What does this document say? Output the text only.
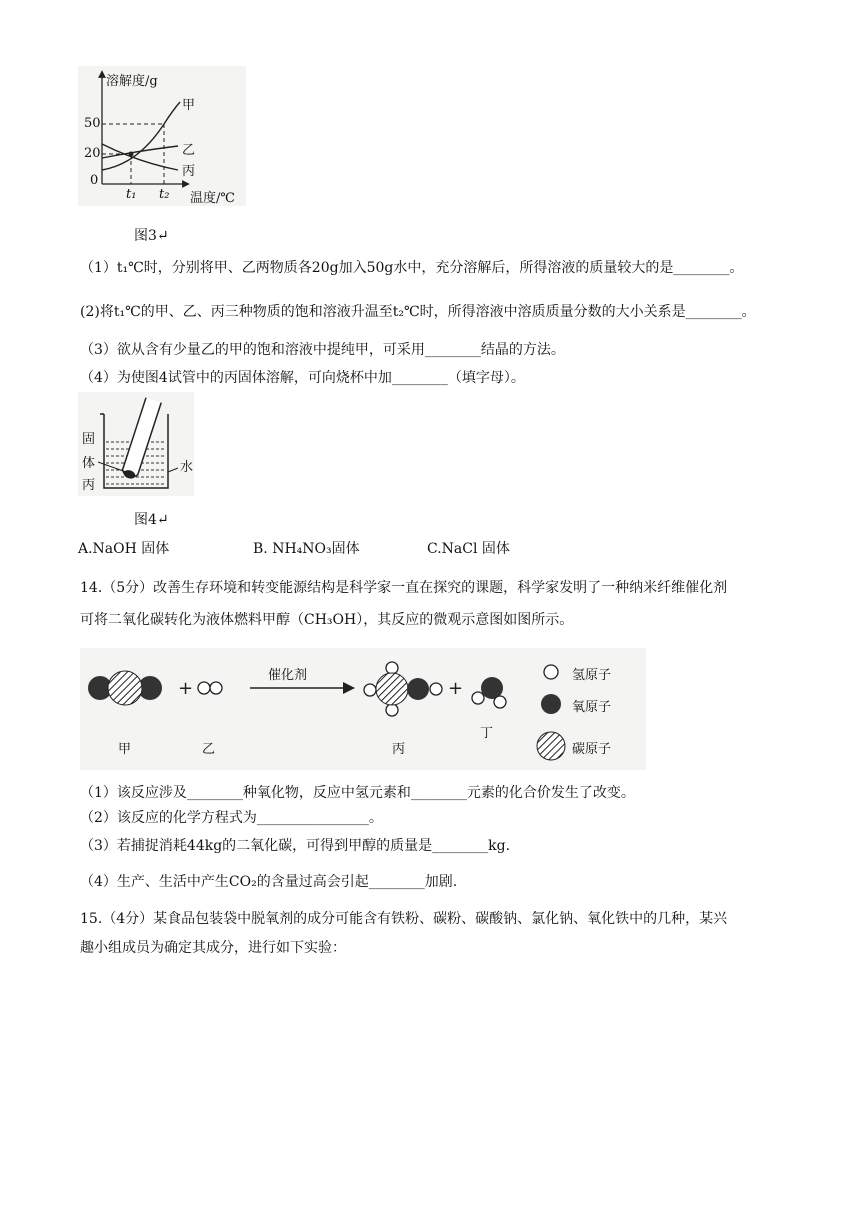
溶解度/g
50
20
0
t₁ t₂ 温度/℃
甲
乙
丙
图3↵
（1）t₁℃时，分别将甲、乙两物质各20g加入50g水中，充分溶解后，所得溶液的质量较大的是________。
(2)将t₁℃的甲、乙、丙三种物质的饱和溶液升温至t₂℃时，所得溶液中溶质质量分数的大小关系是________。
（3）欲从含有少量乙的甲的饱和溶液中提纯甲，可采用________结晶的方法。
（4）为使图4试管中的丙固体溶解，可向烧杯中加________（填字母）。
固
体
丙
水
图4↵
A.NaOH 固体	B. NH₄NO₃固体	C.NaCl 固体
14.（5分）改善生存环境和转变能源结构是科学家一直在探究的课题，科学家发明了一种纳米纤维催化剂
可将二氧化碳转化为液体燃料甲醇（CH₃OH），其反应的微观示意图如图所示。
+	+
催化剂
甲	乙	丙
丁
氢原子
氧原子
碳原子
（1）该反应涉及________种氧化物，反应中氢元素和________元素的化合价发生了改变。
（2）该反应的化学方程式为________________。
（3）若捕捉消耗44kg的二氧化碳，可得到甲醇的质量是________kg.
（4）生产、生活中产生CO₂的含量过高会引起________加剧.
15.（4分）某食品包装袋中脱氧剂的成分可能含有铁粉、碳粉、碳酸钠、氯化钠、氧化铁中的几种，某兴
趣小组成员为确定其成分，进行如下实验：
